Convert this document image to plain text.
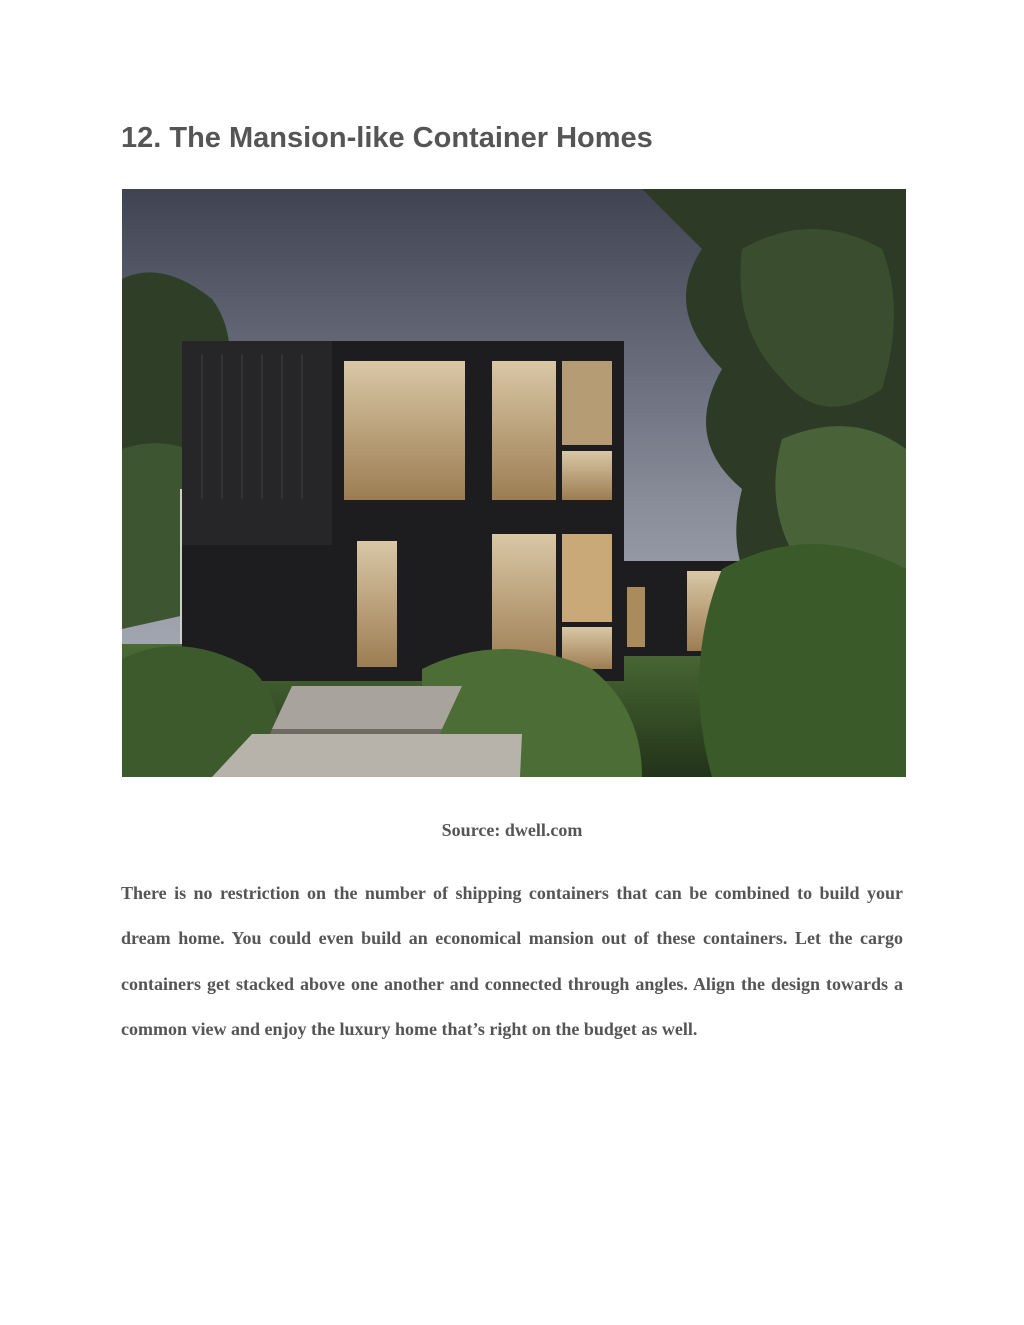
12. The Mansion-like Container Homes
Source: dwell.com

There is no restriction on the number of shipping containers that can be combined to build your dream home. You could even build an economical mansion out of these containers. Let the cargo containers get stacked above one another and connected through angles. Align the design towards a common view and enjoy the luxury home that’s right on the budget as well.
